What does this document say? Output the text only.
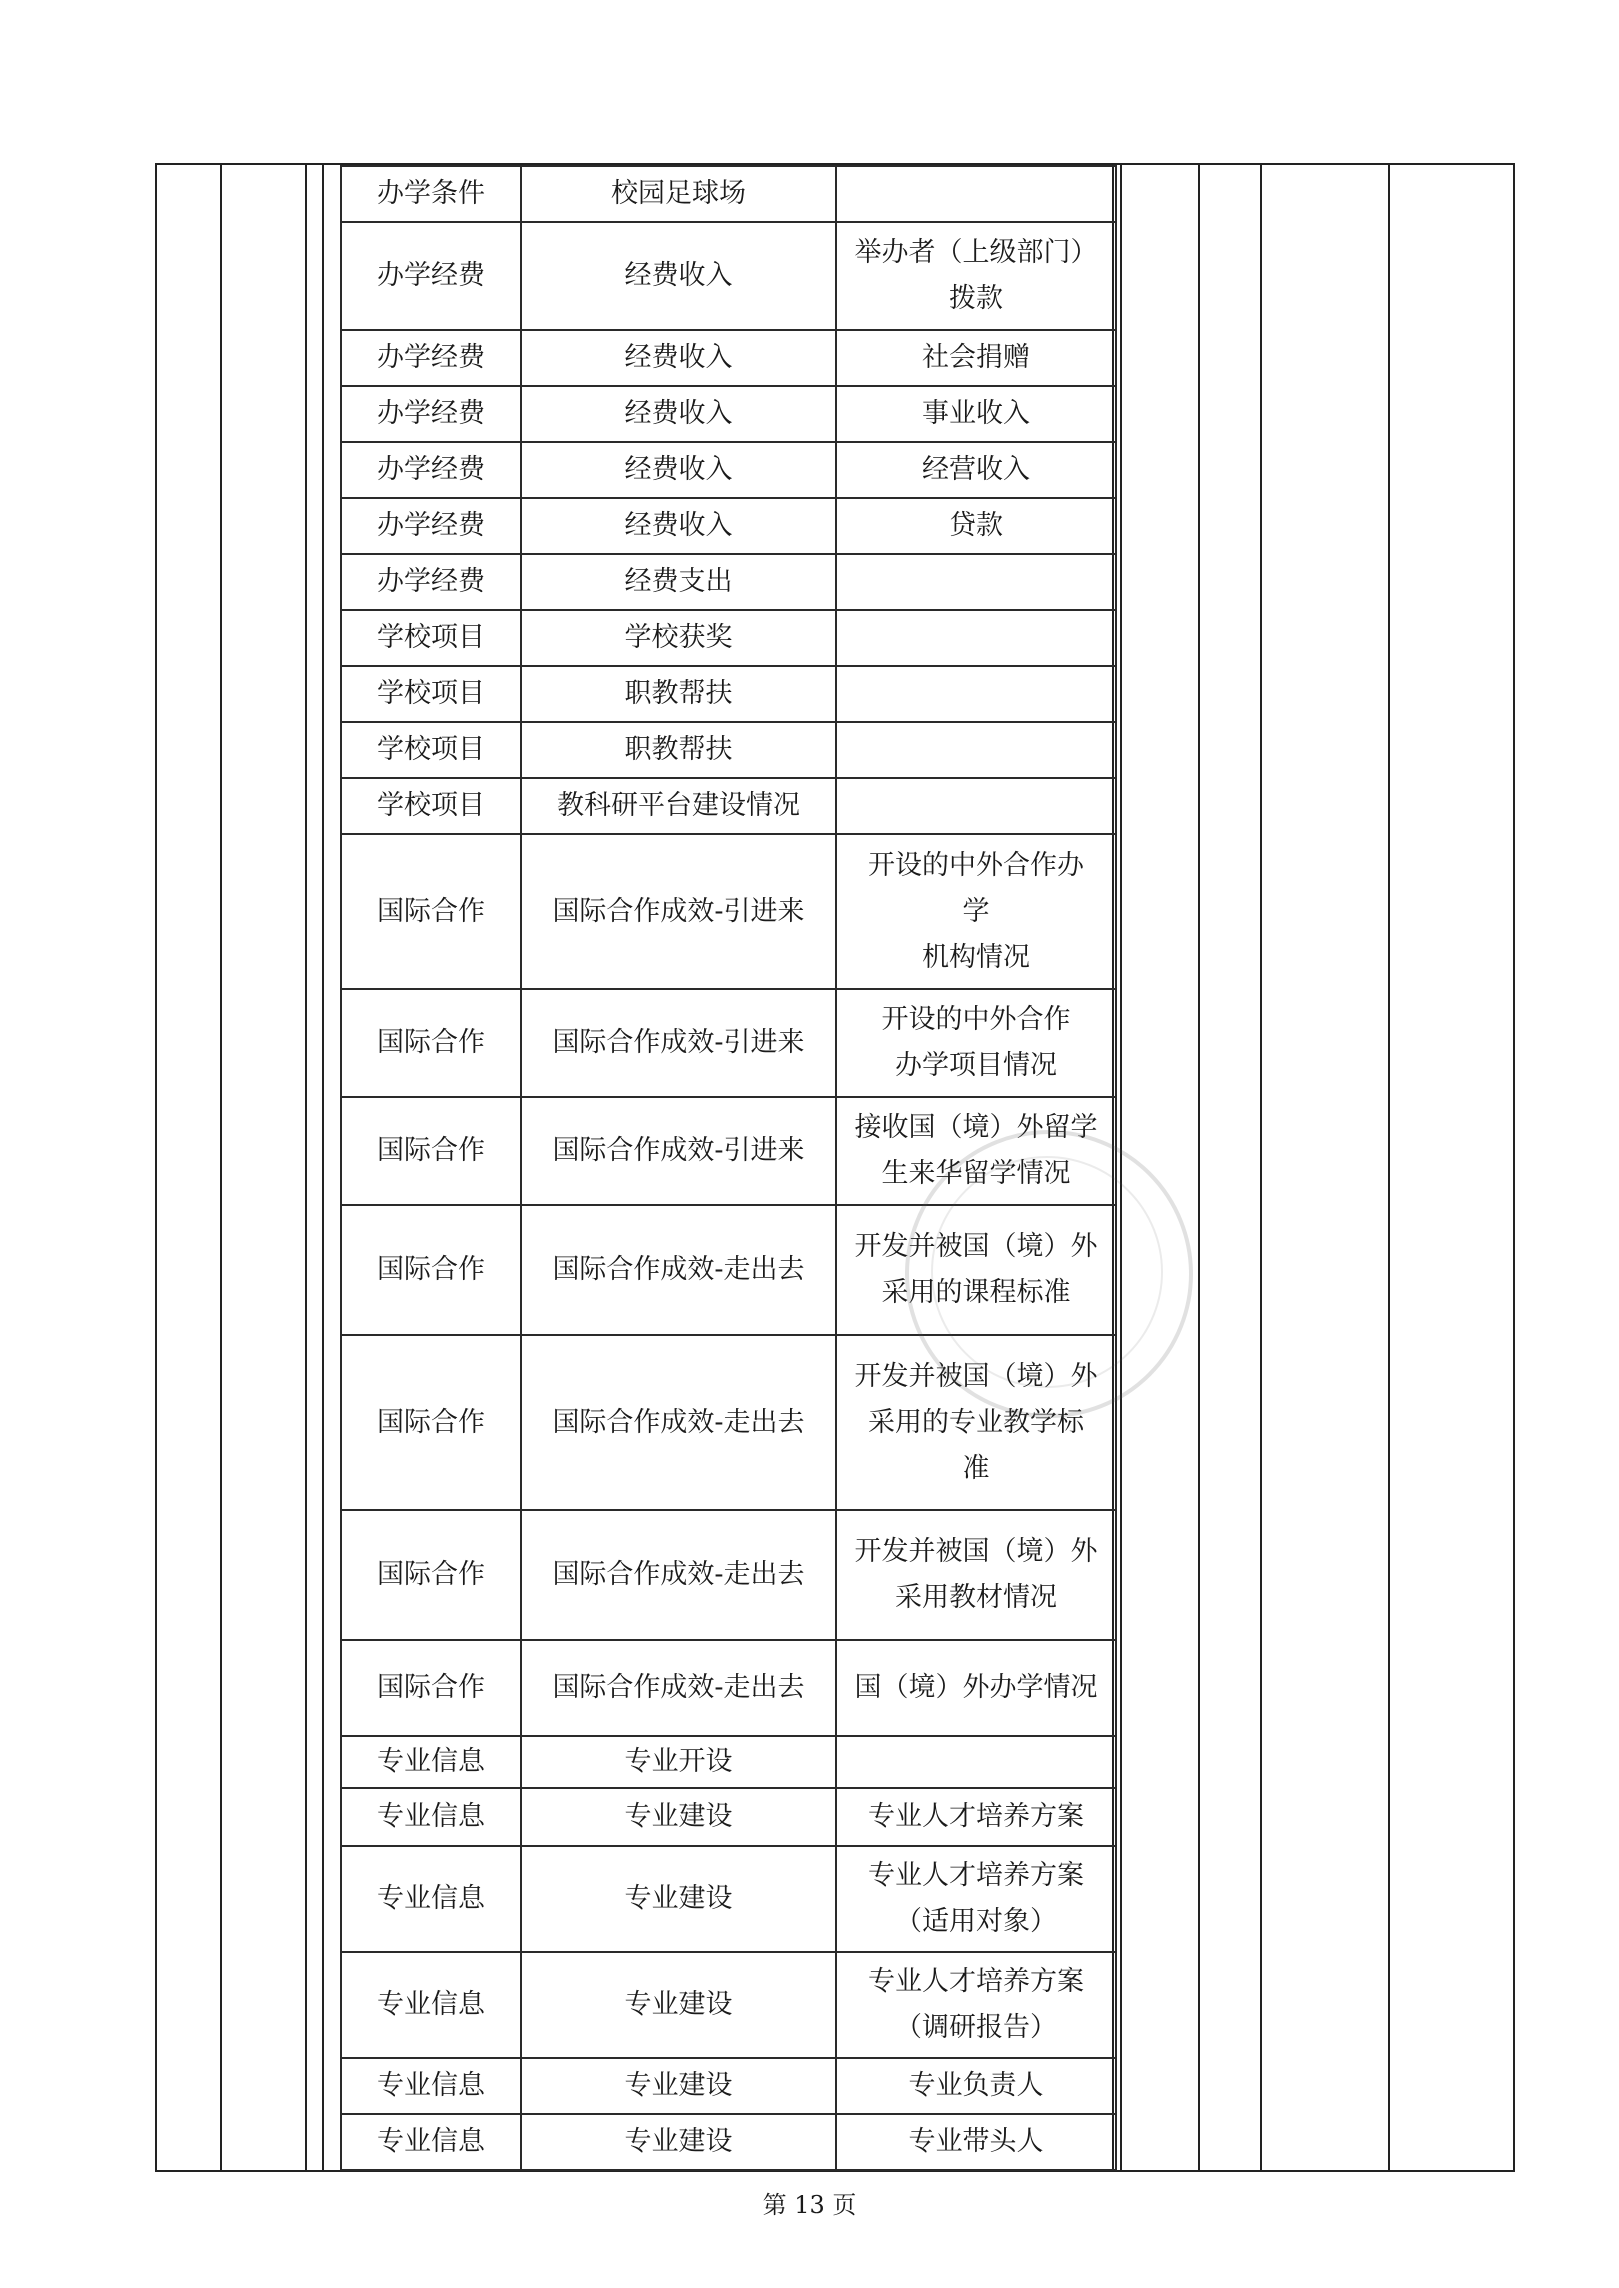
办学条件	校园足球场	
办学经费	经费收入	举办者（上级部门）
拨款
办学经费	经费收入	社会捐赠
办学经费	经费收入	事业收入
办学经费	经费收入	经营收入
办学经费	经费收入	贷款
办学经费	经费支出	
学校项目	学校获奖	
学校项目	职教帮扶	
学校项目	职教帮扶	
学校项目	教科研平台建设情况	
国际合作	国际合作成效-引进来	开设的中外合作办
学
机构情况
国际合作	国际合作成效-引进来	开设的中外合作
办学项目情况
国际合作	国际合作成效-引进来	接收国（境）外留学
生来华留学情况
国际合作	国际合作成效-走出去	开发并被国（境）外
采用的课程标准
国际合作	国际合作成效-走出去	开发并被国（境）外
采用的专业教学标
准
国际合作	国际合作成效-走出去	开发并被国（境）外
采用教材情况
国际合作	国际合作成效-走出去	国（境）外办学情况
专业信息	专业开设	
专业信息	专业建设	专业人才培养方案
专业信息	专业建设	专业人才培养方案
（适用对象）
专业信息	专业建设	专业人才培养方案
（调研报告）
专业信息	专业建设	专业负责人
专业信息	专业建设	专业带头人
第 13 页
